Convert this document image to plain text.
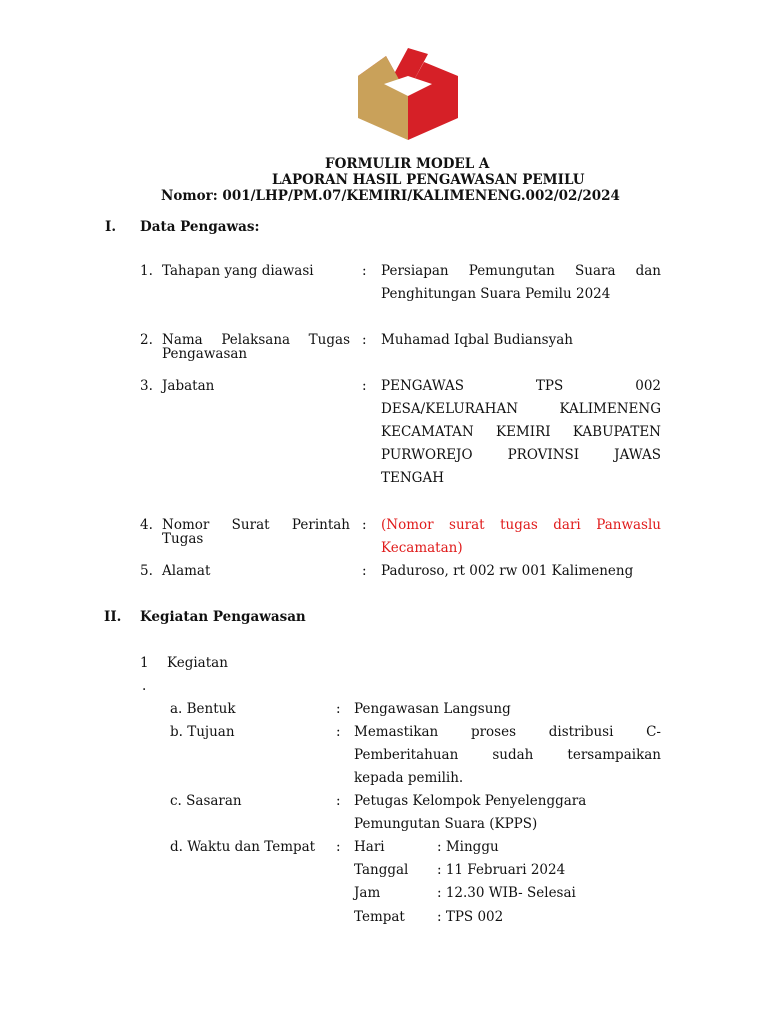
FORMULIR MODEL A
LAPORAN HASIL PENGAWASAN PEMILU
Nomor: 001/LHP/PM.07/KEMIRI/KALIMENENG.002/02/2024
I. Data Pengawas:
1. Tahapan yang diawasi	: Persiapan Pemungutan Suara dan
Penghitungan Suara Pemilu 2024
2. Nama Pelaksana Tugas
Pengawasan
: Muhamad Iqbal Budiansyah
3. Jabatan	: PENGAWAS TPS 002
DESA/KELURAHAN KALIMENENG
KECAMATAN KEMIRI KABUPATEN
PURWOREJO PROVINSI JAWAS
TENGAH
4. Nomor Surat Perintah
Tugas
: (Nomor surat tugas dari Panwaslu
Kecamatan)
5. Alamat	: Paduroso, rt 002 rw 001 Kalimeneng
II. Kegiatan Pengawasan
1 Kegiatan
.
a. Bentuk	: Pengawasan Langsung
b. Tujuan	: Memastikan proses distribusi C-
Pemberitahuan sudah tersampaikan
kepada pemilih.
c. Sasaran	: Petugas Kelompok Penyelenggara
Pemungutan Suara (KPPS)
d. Waktu dan Tempat : Hari	: Minggu
Tanggal : 11 Februari 2024
Jam	: 12.30 WIB- Selesai
Tempat : TPS 002
